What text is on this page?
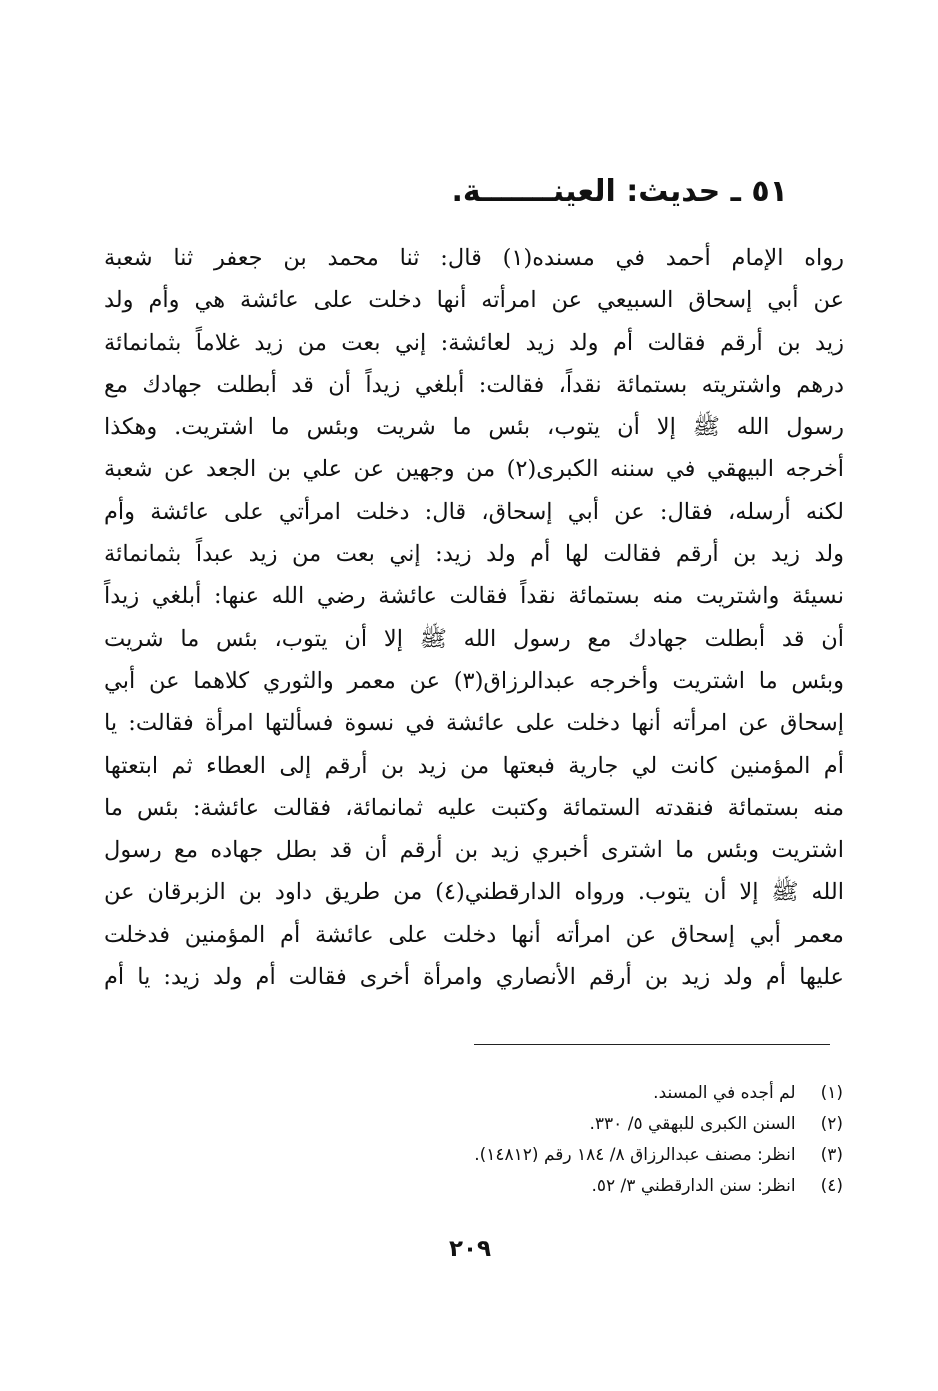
٥١ ـ حديث: العينـــــــة.
رواه الإمام أحمد في مسنده(١) قال: ثنا محمد بن جعفر ثنا شعبة
عن أبي إسحاق السبيعي عن امرأته أنها دخلت على عائشة هي وأم ولد
زيد بن أرقم فقالت أم ولد زيد لعائشة: إني بعت من زيد غلاماً بثمانمائة
درهم واشتريته بستمائة نقداً، فقالت: أبلغي زيداً أن قد أبطلت جهادك مع
رسول الله ﷺ إلا أن يتوب، بئس ما شريت وبئس ما اشتريت. وهكذا
أخرجه البيهقي في سننه الكبرى(٢) من وجهين عن علي بن الجعد عن شعبة
لكنه أرسله، فقال: عن أبي إسحاق، قال: دخلت امرأتي على عائشة وأم
ولد زيد بن أرقم فقالت لها أم ولد زيد: إني بعت من زيد عبداً بثمانمائة
نسيئة واشتريت منه بستمائة نقداً فقالت عائشة رضي الله عنها: أبلغي زيداً
أن قد أبطلت جهادك مع رسول الله ﷺ إلا أن يتوب، بئس ما شريت
وبئس ما اشتريت وأخرجه عبدالرزاق(٣) عن معمر والثوري كلاهما عن أبي
إسحاق عن امرأته أنها دخلت على عائشة في نسوة فسألتها امرأة فقالت: يا
أم المؤمنين كانت لي جارية فبعتها من زيد بن أرقم إلى العطاء ثم ابتعتها
منه بستمائة فنقدته الستمائة وكتبت عليه ثمانمائة، فقالت عائشة: بئس ما
اشتريت وبئس ما اشترى أخبري زيد بن أرقم أن قد بطل جهاده مع رسول
الله ﷺ إلا أن يتوب. ورواه الدارقطني(٤) من طريق داود بن الزبرقان عن
معمر أبي إسحاق عن امرأته أنها دخلت على عائشة أم المؤمنين فدخلت
عليها أم ولد زيد بن أرقم الأنصاري وامرأة أخرى فقالت أم ولد زيد: يا أم
(١) لم أجده في المسند.
(٢) السنن الكبرى للبهقي ٥/ ٣٣٠.
(٣) انظر: مصنف عبدالرزاق ٨/ ١٨٤ رقم (١٤٨١٢).
(٤) انظر: سنن الدارقطني ٣/ ٥٢.
٢٠٩
